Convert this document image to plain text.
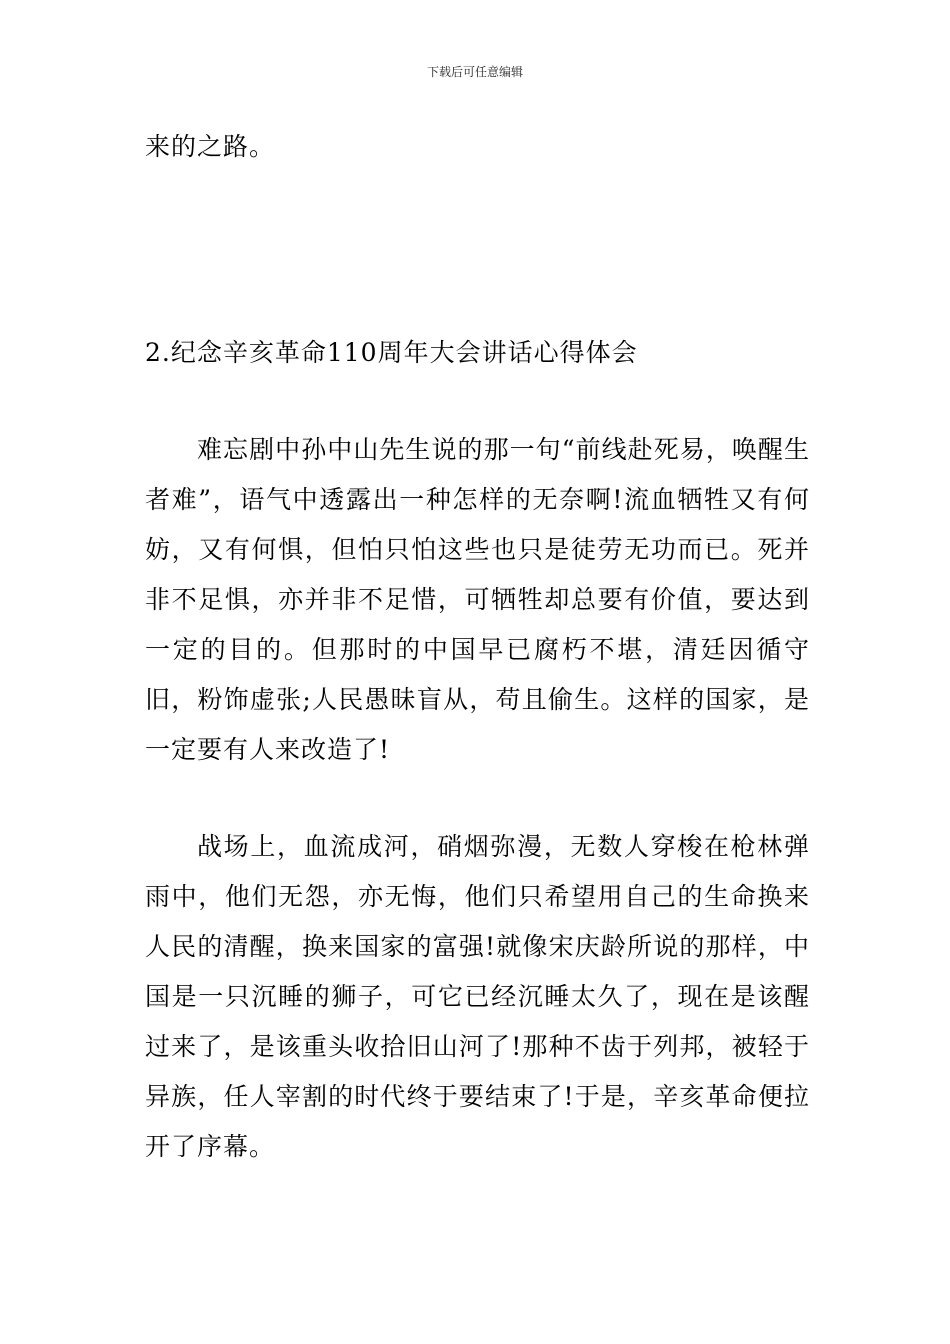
下载后可任意编辑

来的之路。

2.纪念辛亥革命110周年大会讲话心得体会

难忘剧中孙中山先生说的那一句“前线赴死易，唤醒生者难”，语气中透露出一种怎样的无奈啊!流血牺牲又有何妨，又有何惧，但怕只怕这些也只是徒劳无功而已。死并非不足惧，亦并非不足惜，可牺牲却总要有价值，要达到一定的目的。但那时的中国早已腐朽不堪，清廷因循守旧，粉饰虚张;人民愚昧盲从，苟且偷生。这样的国家，是一定要有人来改造了!

战场上，血流成河，硝烟弥漫，无数人穿梭在枪林弹雨中，他们无怨，亦无悔，他们只希望用自己的生命换来人民的清醒，换来国家的富强!就像宋庆龄所说的那样，中国是一只沉睡的狮子，可它已经沉睡太久了，现在是该醒过来了，是该重头收拾旧山河了!那种不齿于列邦，被轻于异族，任人宰割的时代终于要结束了!于是，辛亥革命便拉开了序幕。
